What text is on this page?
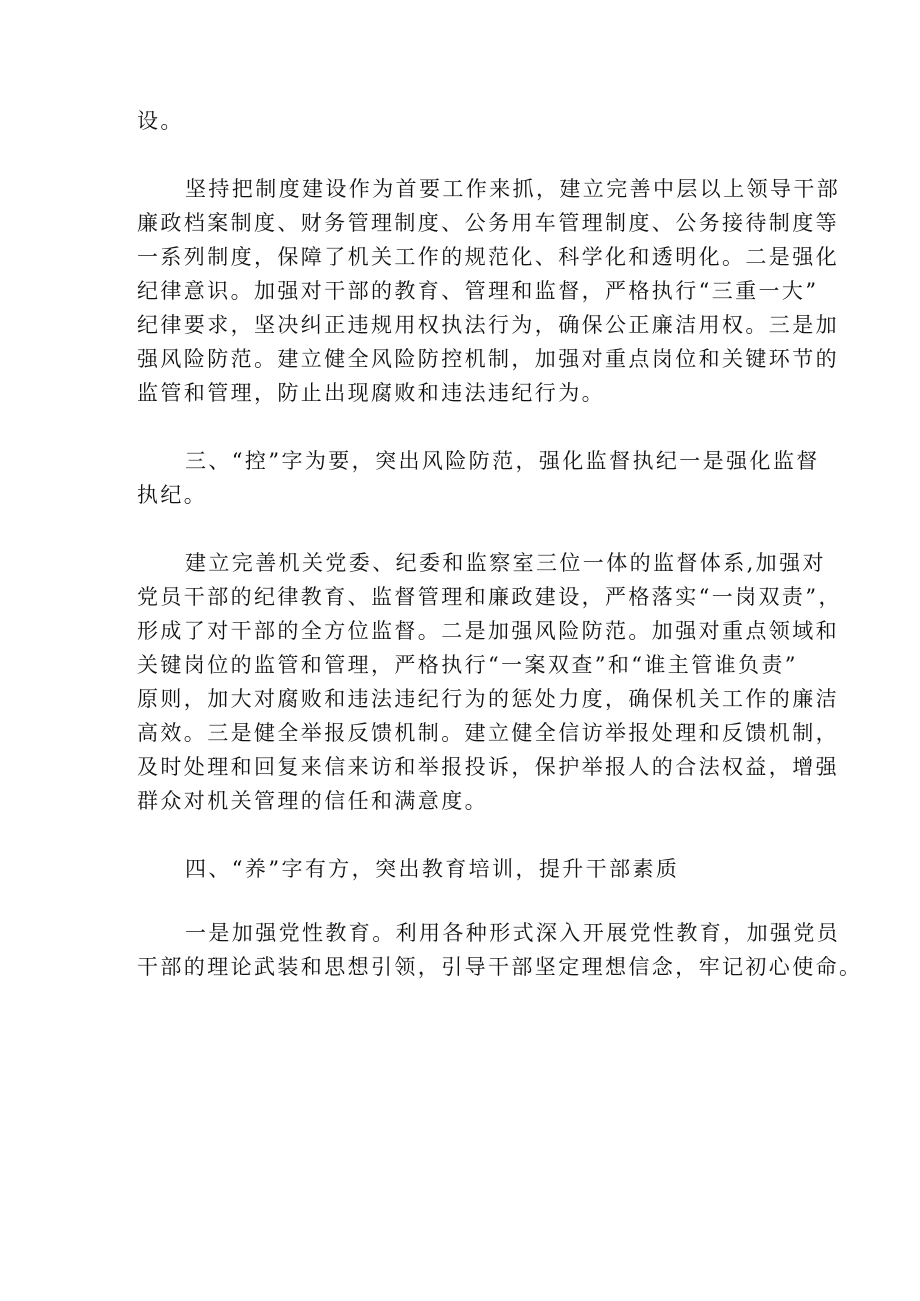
设。
坚持把制度建设作为首要工作来抓，建立完善中层以上领导干部
廉政档案制度、财务管理制度、公务用车管理制度、公务接待制度等
一系列制度，保障了机关工作的规范化、科学化和透明化。二是强化
纪律意识。加强对干部的教育、管理和监督，严格执行“三重一大”
纪律要求，坚决纠正违规用权执法行为，确保公正廉洁用权。三是加
强风险防范。建立健全风险防控机制，加强对重点岗位和关键环节的
监管和管理，防止出现腐败和违法违纪行为。
三、“控”字为要，突出风险防范，强化监督执纪一是强化监督
执纪。
建立完善机关党委、纪委和监察室三位一体的监督体系,加强对
党员干部的纪律教育、监督管理和廉政建设，严格落实“一岗双责”，
形成了对干部的全方位监督。二是加强风险防范。加强对重点领域和
关键岗位的监管和管理，严格执行“一案双查”和“谁主管谁负责”
原则，加大对腐败和违法违纪行为的惩处力度，确保机关工作的廉洁
高效。三是健全举报反馈机制。建立健全信访举报处理和反馈机制，
及时处理和回复来信来访和举报投诉，保护举报人的合法权益，增强
群众对机关管理的信任和满意度。
四、“养”字有方，突出教育培训，提升干部素质
一是加强党性教育。利用各种形式深入开展党性教育，加强党员
干部的理论武装和思想引领，引导干部坚定理想信念，牢记初心使命。
